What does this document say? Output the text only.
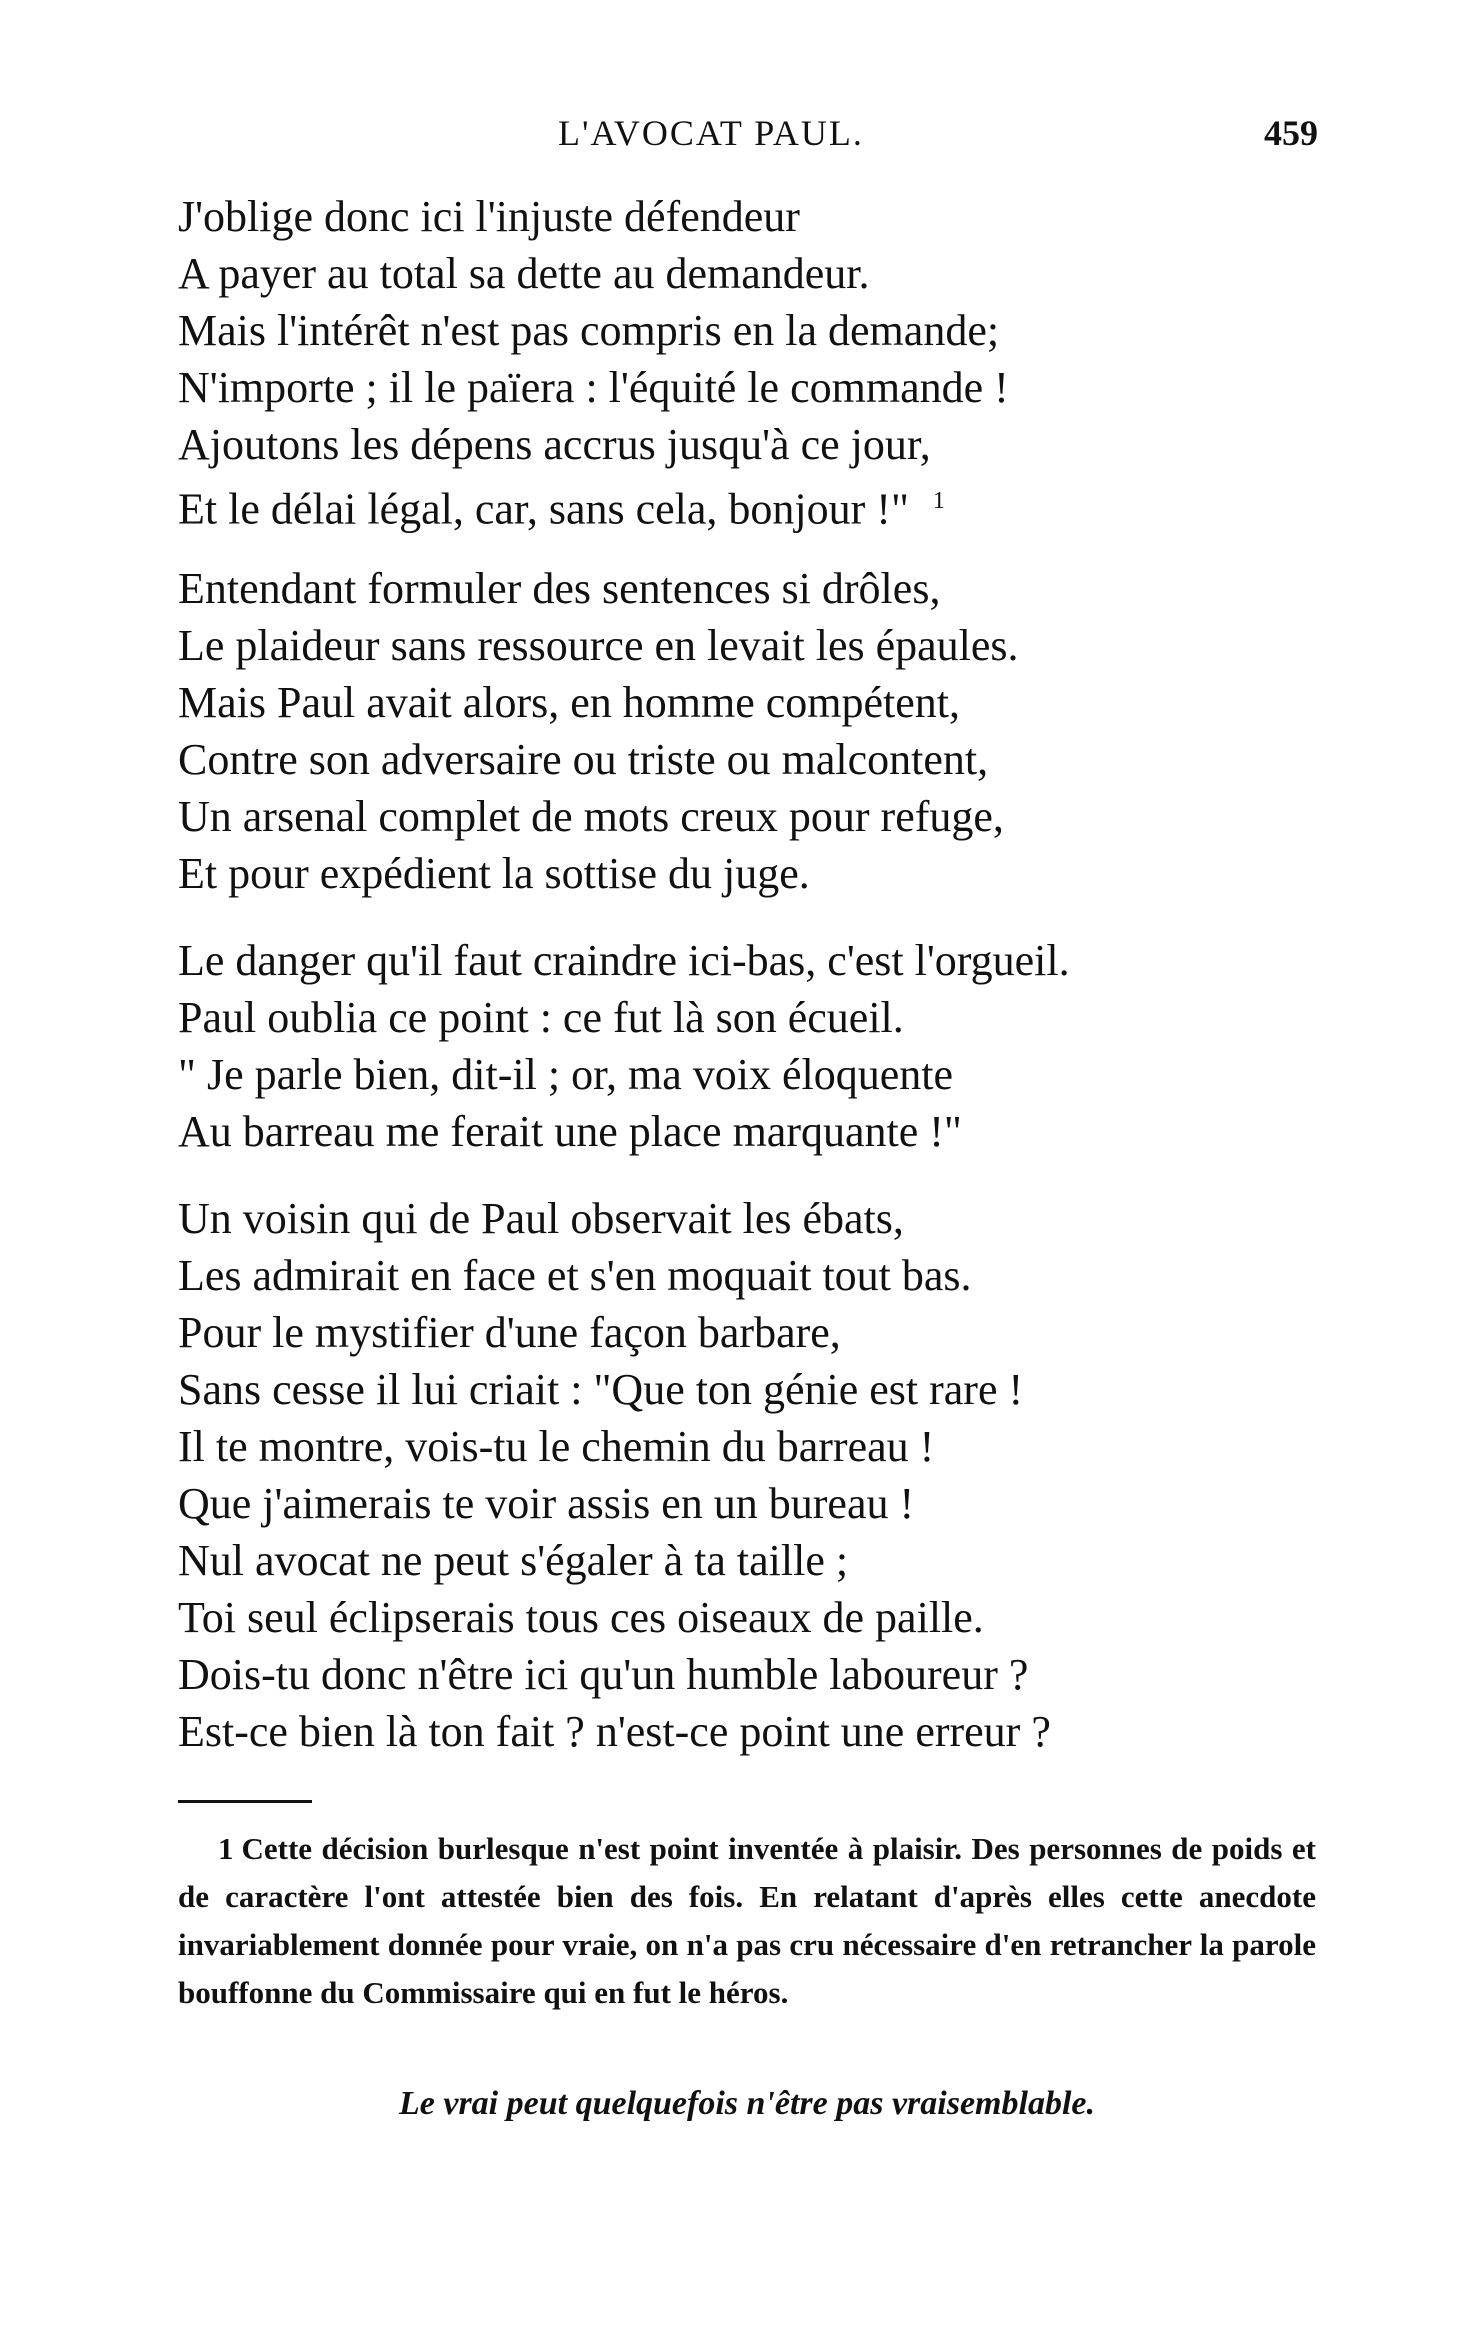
L'AVOCAT PAUL.	459
J'oblige donc ici l'injuste défendeur
A payer au total sa dette au demandeur.
Mais l'intérêt n'est pas compris en la demande;
N'importe ; il le païera : l'équité le commande !
Ajoutons les dépens accrus jusqu'à ce jour,
Et le délai légal, car, sans cela, bonjour !" $^1$
Entendant formuler des sentences si drôles,
Le plaideur sans ressource en levait les épaules.
Mais Paul avait alors, en homme compétent,
Contre son adversaire ou triste ou malcontent,
Un arsenal complet de mots creux pour refuge,
Et pour expédient la sottise du juge.
Le danger qu'il faut craindre ici-bas, c'est l'orgueil.
Paul oublia ce point : ce fut là son écueil.
" Je parle bien, dit-il ; or, ma voix éloquente
Au barreau me ferait une place marquante !"
Un voisin qui de Paul observait les ébats,
Les admirait en face et s'en moquait tout bas.
Pour le mystifier d'une façon barbare,
Sans cesse il lui criait : "Que ton génie est rare !
Il te montre, vois-tu le chemin du barreau !
Que j'aimerais te voir assis en un bureau !
Nul avocat ne peut s'égaler à ta taille ;
Toi seul éclipserais tous ces oiseaux de paille.
Dois-tu donc n'être ici qu'un humble laboureur ?
Est-ce bien là ton fait ? n'est-ce point une erreur ?
1 Cette décision burlesque n'est point inventée à plaisir. Des personnes de poids et de caractère l'ont attestée bien des fois. En relatant d'après elles cette anecdote invariablement donnée pour vraie, on n'a pas cru nécessaire d'en retrancher la parole bouffonne du Commissaire qui en fut le héros.
Le vrai peut quelquefois n'être pas vraisemblable.
